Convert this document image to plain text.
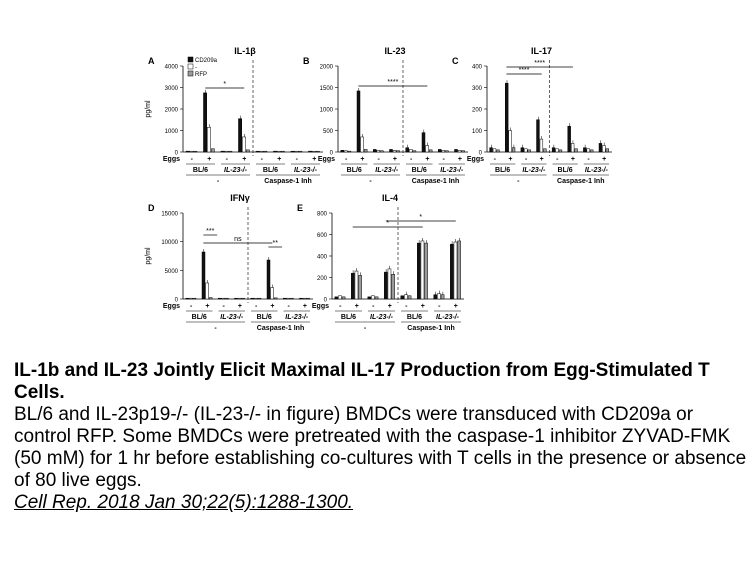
A
IL-1β
0
1000
2000
3000
4000
pg/ml
- + - + - + - +
Eggs
BL/6 IL-23-/- BL/6 IL-23-/-
-	Caspase-1 Inh
*
CD209a
-
RFP
B
IL-23
0
500
1000
1500
2000
- + - + - + - +
Eggs
BL/6 IL-23-/- BL/6 IL-23-/-
-	Caspase-1 Inh
****
C
IL-17
0
100
200
300
400
- + - + - + - +
Eggs
BL/6 IL-23-/- BL/6 IL-23-/-
-	Caspase-1 Inh
****
****
D
IFNγ
0
5000
10000
15000
pg/ml
- + - + - + - +
Eggs
BL/6 IL-23-/- BL/6 IL-23-/-
-	Caspase-1 Inh
***
ns
**
E
IL-4
0
200
400
600
800
- + - + - + - +
Eggs
BL/6 IL-23-/- BL/6 IL-23-/-
-	Caspase-1 Inh
*
*
IL-1b and IL-23 Jointly Elicit Maximal IL-17 Production from Egg-Stimulated T Cells.
BL/6 and IL-23p19-/- (IL-23-/- in figure) BMDCs were transduced with CD209a or control RFP. Some BMDCs were pretreated with the caspase-1 inhibitor ZYVAD-FMK (50 mM) for 1 hr before establishing co-cultures with T cells in the presence or absence of 80 live eggs.
Cell Rep. 2018 Jan 30;22(5):1288-1300.
